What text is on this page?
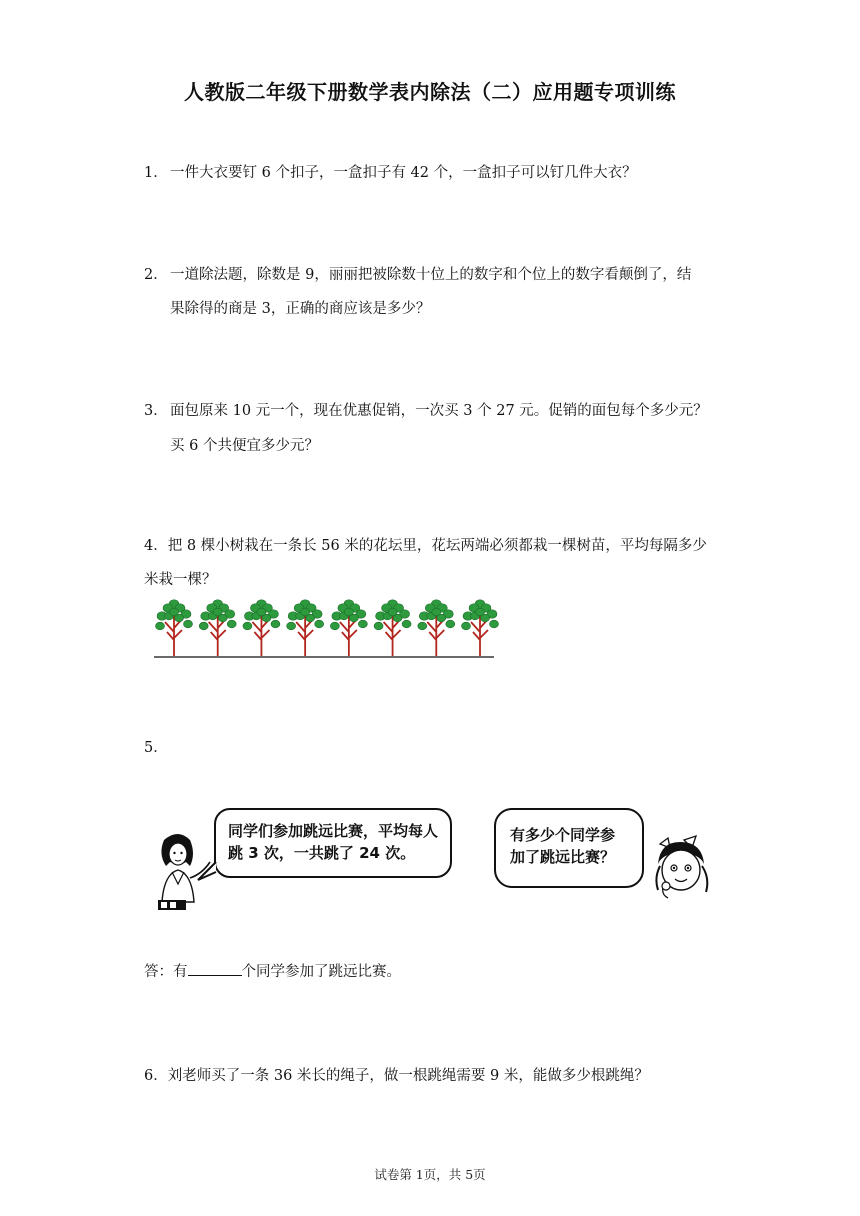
人教版二年级下册数学表内除法（二）应用题专项训练
1． 一件大衣要钉 6 个扣子，一盒扣子有 42 个，一盒扣子可以钉几件大衣？
2． 一道除法题，除数是 9，丽丽把被除数十位上的数字和个位上的数字看颠倒了，结
果除得的商是 3，正确的商应该是多少？
3． 面包原来 10 元一个，现在优惠促销，一次买 3 个 27 元。促销的面包每个多少元？
买 6 个共便宜多少元？
4．把 8 棵小树栽在一条长 56 米的花坛里，花坛两端必须都栽一棵树苗，平均每隔多少
米栽一棵？
5．
同学们参加跳远比赛，平均每人
跳 3 次，一共跳了 24 次。
有多少个同学参
加了跳远比赛？
答：有	个同学参加了跳远比赛。
6．刘老师买了一条 36 米长的绳子，做一根跳绳需要 9 米，能做多少根跳绳？
试卷第 1页，共 5页
